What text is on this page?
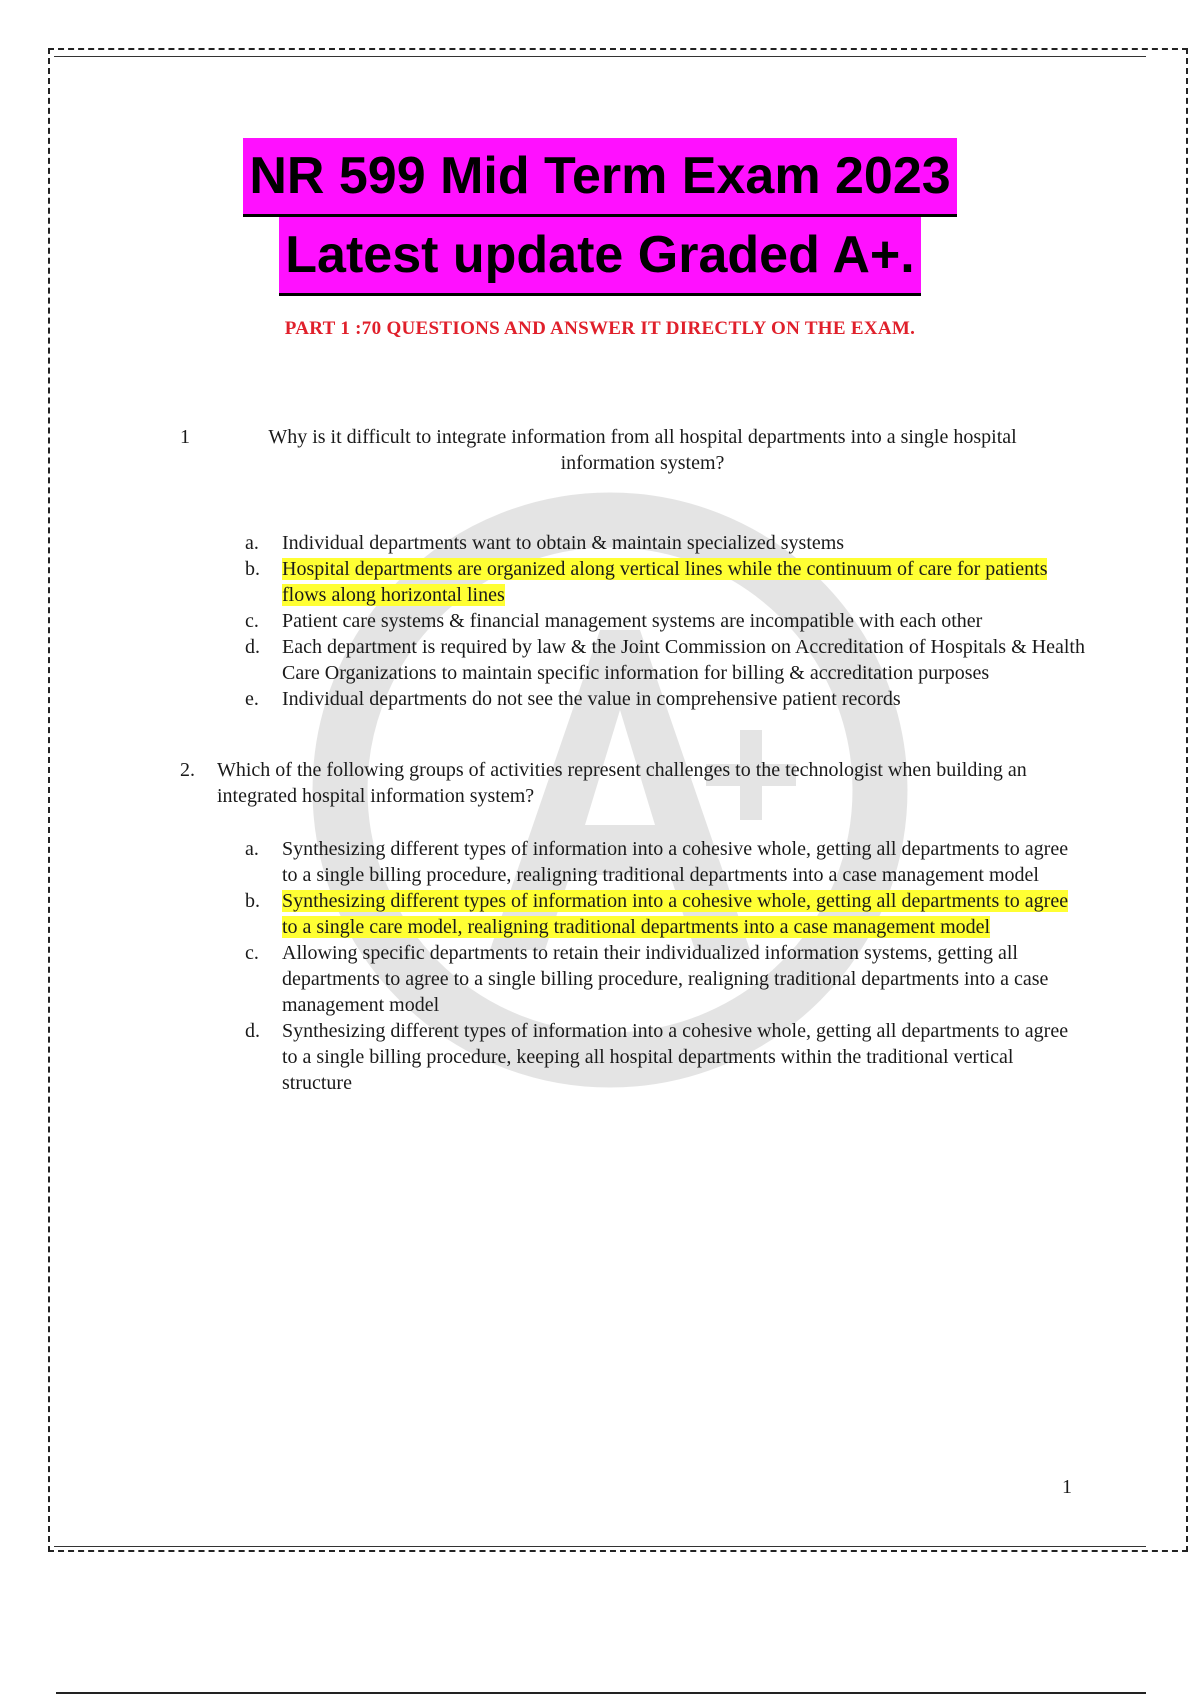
NR 599 Mid Term Exam 2023
Latest update Graded A+.
PART 1 :70 QUESTIONS AND ANSWER IT DIRECTLY ON THE EXAM.
1	Why is it difficult to integrate information from all hospital departments into a single hospital information system?
a. Individual departments want to obtain & maintain specialized systems
b. Hospital departments are organized along vertical lines while the continuum of care for patients flows along horizontal lines
c. Patient care systems & financial management systems are incompatible with each other
d. Each department is required by law & the Joint Commission on Accreditation of Hospitals & Health Care Organizations to maintain specific information for billing & accreditation purposes
e. Individual departments do not see the value in comprehensive patient records
2. Which of the following groups of activities represent challenges to the technologist when building an integrated hospital information system?
a. Synthesizing different types of information into a cohesive whole, getting all departments to agree to a single billing procedure, realigning traditional departments into a case management model
b. Synthesizing different types of information into a cohesive whole, getting all departments to agree to a single care model, realigning traditional departments into a case management model
c. Allowing specific departments to retain their individualized information systems, getting all departments to agree to a single billing procedure, realigning traditional departments into a case management model
d. Synthesizing different types of information into a cohesive whole, getting all departments to agree to a single billing procedure, keeping all hospital departments within the traditional vertical structure
1
